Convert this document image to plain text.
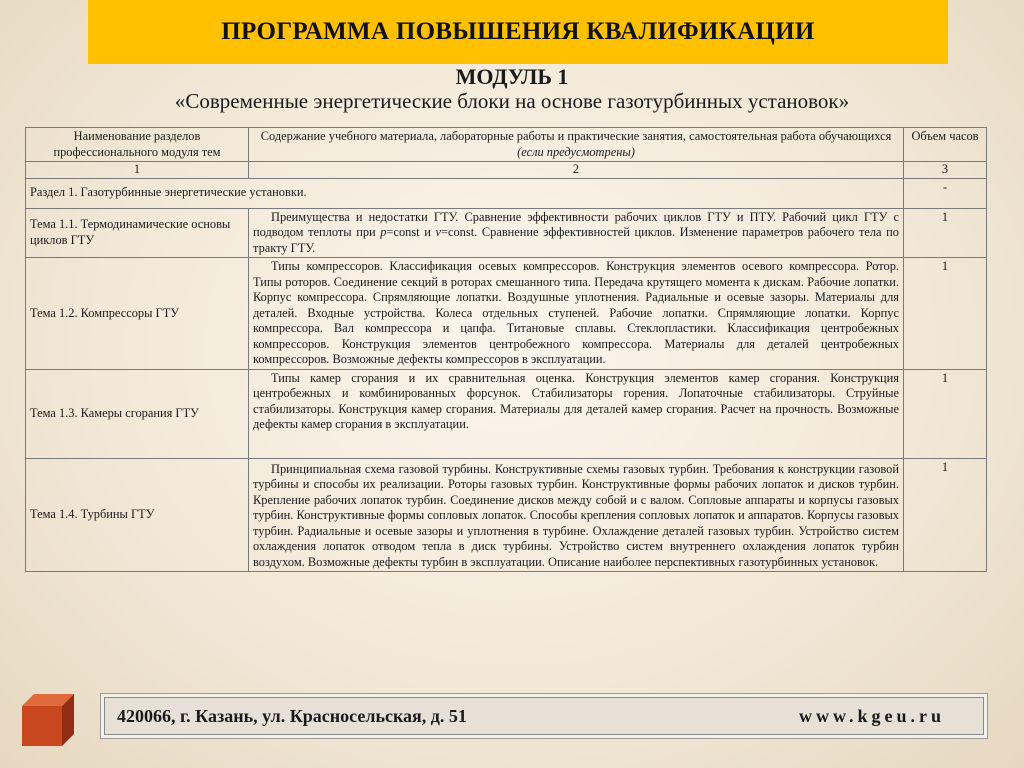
ПРОГРАММА ПОВЫШЕНИЯ КВАЛИФИКАЦИИ
МОДУЛЬ 1
«Современные энергетические блоки на основе газотурбинных установок»
Наименование разделов профессионального модуля тем	Содержание учебного материала, лабораторные работы и практические занятия, самостоятельная работа обучающихся (если предусмотрены)	Объем часов
1	2	3
Раздел 1. Газотурбинные энергетические установки.		-
Тема 1.1. Термодинамические основы циклов ГТУ	Преимущества и недостатки ГТУ. Сравнение эффективности рабочих циклов ГТУ и ПТУ. Рабочий цикл ГТУ с подводом теплоты при p=const и v=const. Сравнение эффективностей циклов. Изменение параметров рабочего тела по тракту ГТУ.	1
Тема 1.2. Компрессоры ГТУ	Типы компрессоров. Классификация осевых компрессоров. Конструкция элементов осевого компрессора. Ротор. Типы роторов. Соединение секций в роторах смешанного типа. Передача крутящего момента к дискам. Рабочие лопатки. Корпус компрессора. Спрямляющие лопатки. Воздушные уплотнения. Радиальные и осевые зазоры. Материалы для деталей. Входные устройства. Колеса отдельных ступеней. Рабочие лопатки. Спрямляющие лопатки. Корпус компрессора. Вал компрессора и цапфа. Титановые сплавы. Стеклопластики. Классификация центробежных компрессоров. Конструкция элементов центробежного компрессора. Материалы для деталей центробежных компрессоров. Возможные дефекты компрессоров в эксплуатации.	1
Тема 1.3. Камеры сгорания ГТУ	Типы камер сгорания и их сравнительная оценка. Конструкция элементов камер сгорания. Конструкция центробежных и комбинированных форсунок. Стабилизаторы горения. Лопаточные стабилизаторы. Струйные стабилизаторы. Конструкция камер сгорания. Материалы для деталей камер сгорания. Расчет на прочность. Возможные дефекты камер сгорания в эксплуатации.	1
Тема 1.4. Турбины ГТУ	Принципиальная схема газовой турбины. Конструктивные схемы газовых турбин. Требования к конструкции газовой турбины и способы их реализации. Роторы газовых турбин. Конструктивные формы рабочих лопаток и дисков турбин. Крепление рабочих лопаток турбин. Соединение дисков между собой и с валом. Сопловые аппараты и корпусы газовых турбин. Конструктивные формы сопловых лопаток. Способы крепления сопловых лопаток и аппаратов. Корпусы газовых турбин. Радиальные и осевые зазоры и уплотнения в турбине. Охлаждение деталей газовых турбин. Устройство систем охлаждения лопаток отводом тепла в диск турбины. Устройство систем внутреннего охлаждения лопаток турбин воздухом. Возможные дефекты турбин в эксплуатации. Описание наиболее перспективных газотурбинных установок.	1
420066, г. Казань, ул. Красносельская, д. 51	www.kgeu.ru
